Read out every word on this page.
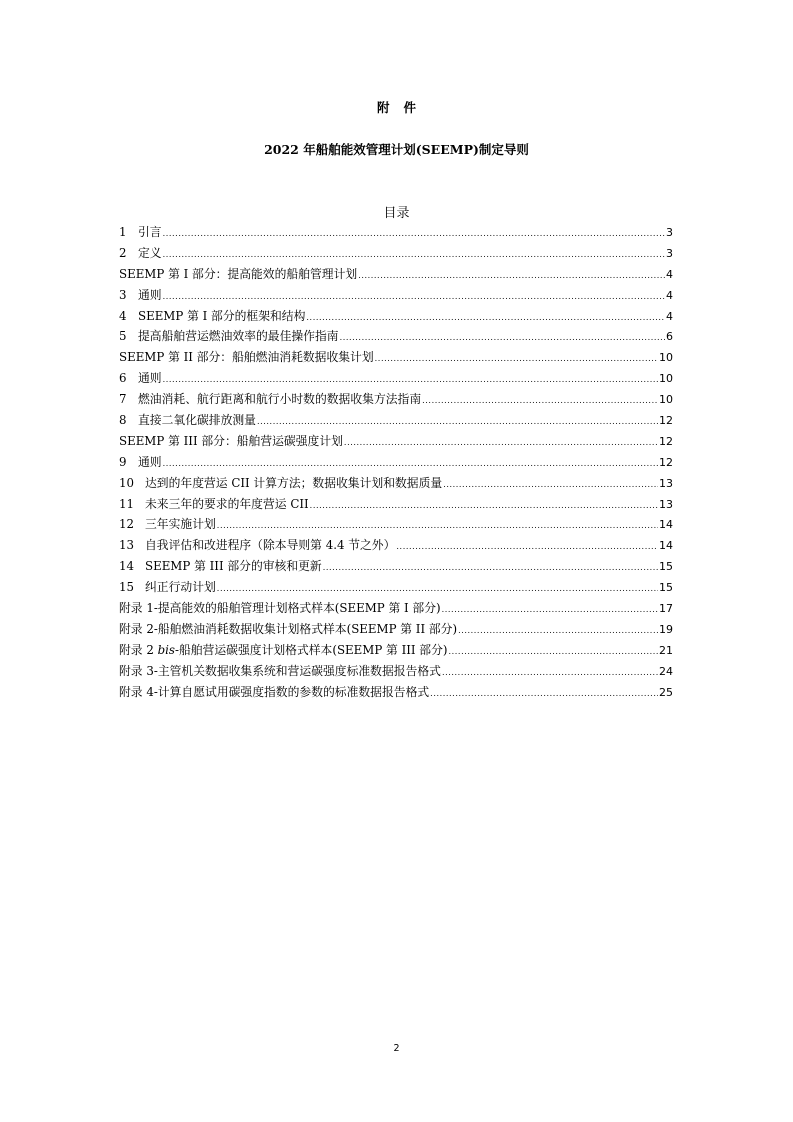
附 件
2022 年船舶能效管理计划(SEEMP)制定导则
目录
1 引言 .....	3
2 定义 .....	3
SEEMP 第 I 部分：提高能效的船舶管理计划 .....	4
3 通则 .....	4
4 SEEMP 第 I 部分的框架和结构 .....	4
5 提高船舶营运燃油效率的最佳操作指南 .....	6
SEEMP 第 II 部分：船舶燃油消耗数据收集计划 .....	10
6 通则 .....	10
7 燃油消耗、航行距离和航行小时数的数据收集方法指南 .....	10
8 直接二氧化碳排放测量 .....	12
SEEMP 第 III 部分：船舶营运碳强度计划 .....	12
9 通则 .....	12
10 达到的年度营运 CII 计算方法；数据收集计划和数据质量 .....	13
11 未来三年的要求的年度营运 CII .....	13
12 三年实施计划 .....	14
13 自我评估和改进程序（除本导则第 4.4 节之外） .....	14
14 SEEMP 第 III 部分的审核和更新 .....	15
15 纠正行动计划 .....	15
附录 1-提高能效的船舶管理计划格式样本(SEEMP 第 I 部分) .....	17
附录 2-船舶燃油消耗数据收集计划格式样本(SEEMP 第 II 部分) .....	19
附录 2 bis-船舶营运碳强度计划格式样本(SEEMP 第 III 部分) .....	21
附录 3-主管机关数据收集系统和营运碳强度标准数据报告格式 .....	24
附录 4-计算自愿试用碳强度指数的参数的标准数据报告格式 .....	25
2
